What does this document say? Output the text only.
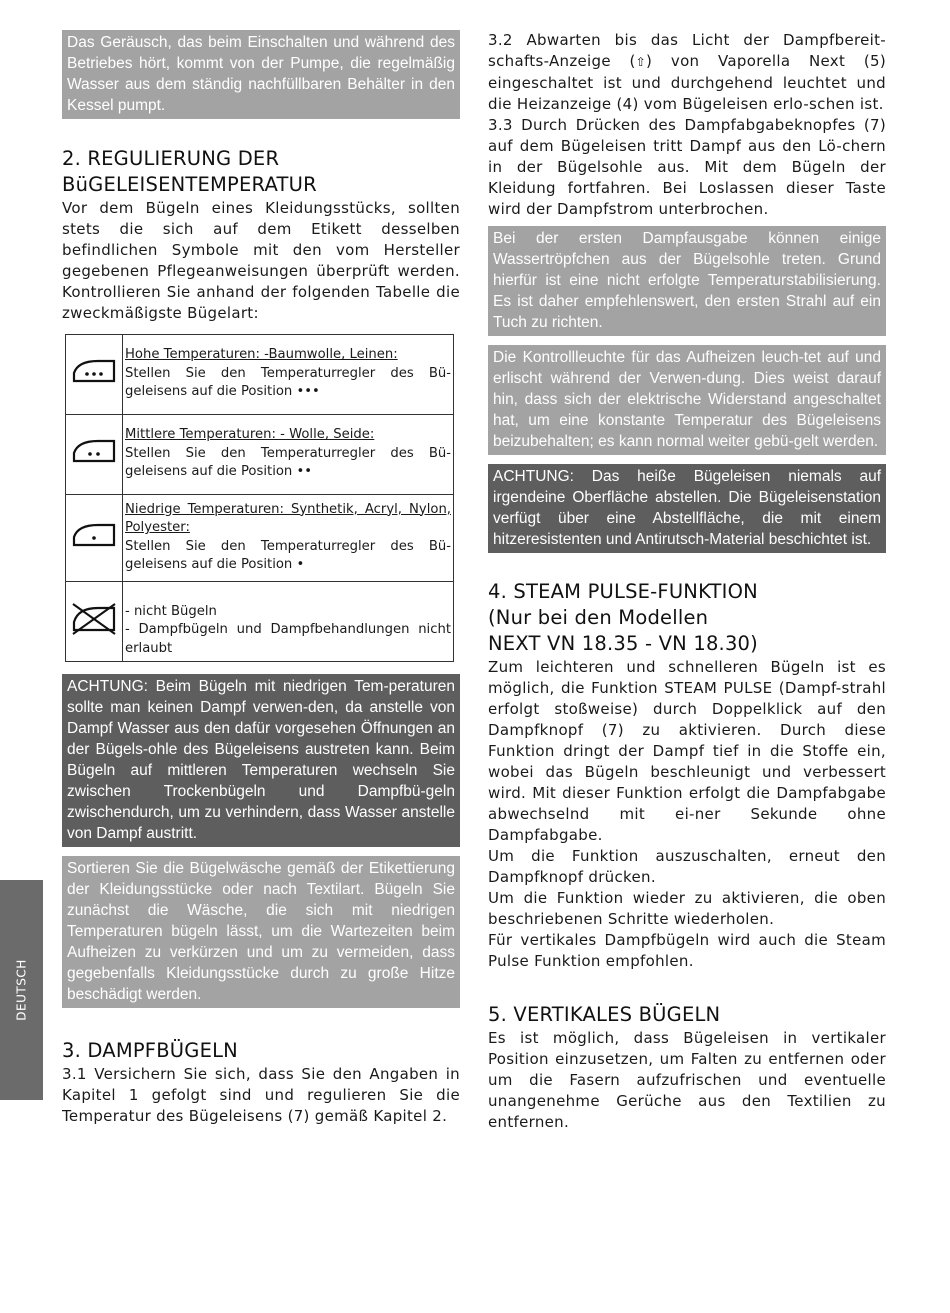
DEUTSCH

Das Geräusch, das beim Einschalten und während des Betriebes hört, kommt von der Pumpe, die regelmäßig Wasser aus dem ständig nachfüllbaren Behälter in den Kessel pumpt.

2. REGULIERUNG DER
BüGELEISENTEMPERATUR

Vor dem Bügeln eines Kleidungsstücks, sollten stets die sich auf dem Etikett desselben befindlichen Symbole mit den vom Hersteller gegebenen Pflegeanweisungen überprüft werden. Kontrollieren Sie anhand der folgenden Tabelle die zweckmäßigste Bügelart:

	Hohe Temperaturen: -Baumwolle, Leinen:
Stellen Sie den Temperaturregler des Bü-geleisens auf die Position •••
	Mittlere Temperaturen: - Wolle, Seide:
Stellen Sie den Temperaturregler des Bü-geleisens auf die Position ••
	Niedrige Temperaturen: Synthetik, Acryl, Nylon, Polyester:
Stellen Sie den Temperaturregler des Bü-geleisens auf die Position •

- nicht Bügeln
- Dampfbügeln und Dampfbehandlungen nicht erlaubt

ACHTUNG: Beim Bügeln mit niedrigen Tem-peraturen sollte man keinen Dampf verwen-den, da anstelle von Dampf Wasser aus den dafür vorgesehen Öffnungen an der Bügels-ohle des Bügeleisens austreten kann. Beim Bügeln auf mittleren Temperaturen wechseln Sie zwischen Trockenbügeln und Dampfbü-geln zwischendurch, um zu verhindern, dass Wasser anstelle von Dampf austritt.

Sortieren Sie die Bügelwäsche gemäß der Etikettierung der Kleidungsstücke oder nach Textilart. Bügeln Sie zunächst die Wäsche, die sich mit niedrigen Temperaturen bügeln lässt, um die Wartezeiten beim Aufheizen zu verkürzen und um zu vermeiden, dass gegebenfalls Kleidungsstücke durch zu große Hitze beschädigt werden.

3. DAMPFBÜGELN

3.1 Versichern Sie sich, dass Sie den Angaben in Kapitel 1 gefolgt sind und regulieren Sie die Temperatur des Bügeleisens (7) gemäß Kapitel 2.

3.2 Abwarten bis das Licht der Dampfbereit-schafts-Anzeige (⇧) von Vaporella Next (5) eingeschaltet ist und durchgehend leuchtet und die Heizanzeige (4) vom Bügeleisen erlo-schen ist.

3.3 Durch Drücken des Dampfabgabeknopfes (7) auf dem Bügeleisen tritt Dampf aus den Lö-chern in der Bügelsohle aus. Mit dem Bügeln der Kleidung fortfahren. Bei Loslassen dieser Taste wird der Dampfstrom unterbrochen.

Bei der ersten Dampfausgabe können einige Wassertröpfchen aus der Bügelsohle treten. Grund hierfür ist eine nicht erfolgte Temperaturstabilisierung. Es ist daher empfehlenswert, den ersten Strahl auf ein Tuch zu richten.

Die Kontrollleuchte für das Aufheizen leuch-tet auf und erlischt während der Verwen-dung. Dies weist darauf hin, dass sich der elektrische Widerstand angeschaltet hat, um eine konstante Temperatur des Bügeleisens beizubehalten; es kann normal weiter gebü-gelt werden.

ACHTUNG: Das heiße Bügeleisen niemals auf irgendeine Oberfläche abstellen. Die Bügeleisenstation verfügt über eine Abstellfläche, die mit einem hitzeresistenten und Antirutsch-Material beschichtet ist.

4. STEAM PULSE-FUNKTION
(Nur bei den Modellen
NEXT VN 18.35 - VN 18.30)

Zum leichteren und schnelleren Bügeln ist es möglich, die Funktion STEAM PULSE (Dampf-strahl erfolgt stoßweise) durch Doppelklick auf den Dampfknopf (7) zu aktivieren. Durch diese Funktion dringt der Dampf tief in die Stoffe ein, wobei das Bügeln beschleunigt und verbessert wird. Mit dieser Funktion erfolgt die Dampfabgabe abwechselnd mit ei-ner Sekunde ohne Dampfabgabe.

Um die Funktion auszuschalten, erneut den Dampfknopf drücken.

Um die Funktion wieder zu aktivieren, die oben beschriebenen Schritte wiederholen.

Für vertikales Dampfbügeln wird auch die Steam Pulse Funktion empfohlen.

5. VERTIKALES BÜGELN

Es ist möglich, dass Bügeleisen in vertikaler Position einzusetzen, um Falten zu entfernen oder um die Fasern aufzufrischen und eventuelle unangenehme Gerüche aus den Textilien zu entfernen.
